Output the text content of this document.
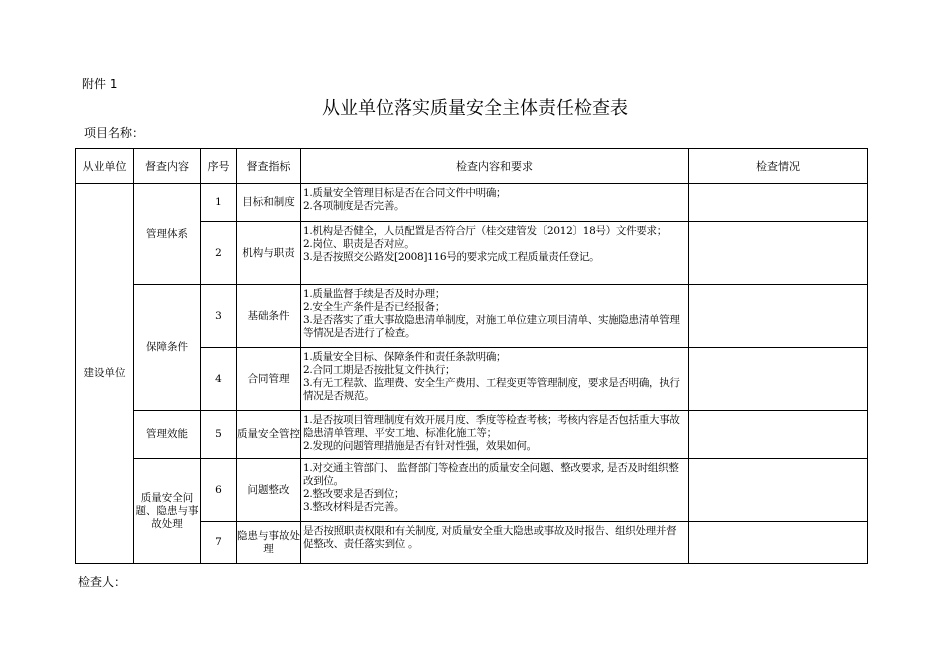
附件 1
从业单位落实质量安全主体责任检查表
项目名称：
从业单位	督查内容	序号	督查指标	检查内容和要求	检查情况
建设单位	管理体系	1	目标和制度	1.质量安全管理目标是否在合同文件中明确；
2.各项制度是否完善。	

		2	机构与职责	1.机构是否健全，人员配置是否符合厅（桂交建管发〔2012〕18号）文件要求；
2.岗位、职责是否对应。
3.是否按照交公路发[2008]116号的要求完成工程质量责任登记。	

	保障条件	3	基础条件	1.质量监督手续是否及时办理；
2.安全生产条件是否已经报备；
3.是否落实了重大事故隐患清单制度，对施工单位建立项目清单、实施隐患清单管理等情况是否进行了检查。	

		4	合同管理	1.质量安全目标、保障条件和责任条款明确；
2.合同工期是否按批复文件执行；
3.有无工程款、监理费、安全生产费用、工程变更等管理制度，要求是否明确，执行情况是否规范。	

	管理效能	5	质量安全管控	1.是否按项目管理制度有效开展月度、季度等检查考核；考核内容是否包括重大事故隐患清单管理、平安工地、标准化施工等；
2.发现的问题管理措施是否有针对性强，效果如何。	

	质量安全问题、隐患与事故处理	6	问题整改	1.对交通主管部门、 监督部门等检查出的质量安全问题、整改要求, 是否及时组织整改到位。
2.整改要求是否到位；
3.整改材料是否完善。	

		7	隐患与事故处理	是否按照职责权限和有关制度, 对质量安全重大隐患或事故及时报告、组织处理并督促整改、责任落实到位 。	

检查人：
